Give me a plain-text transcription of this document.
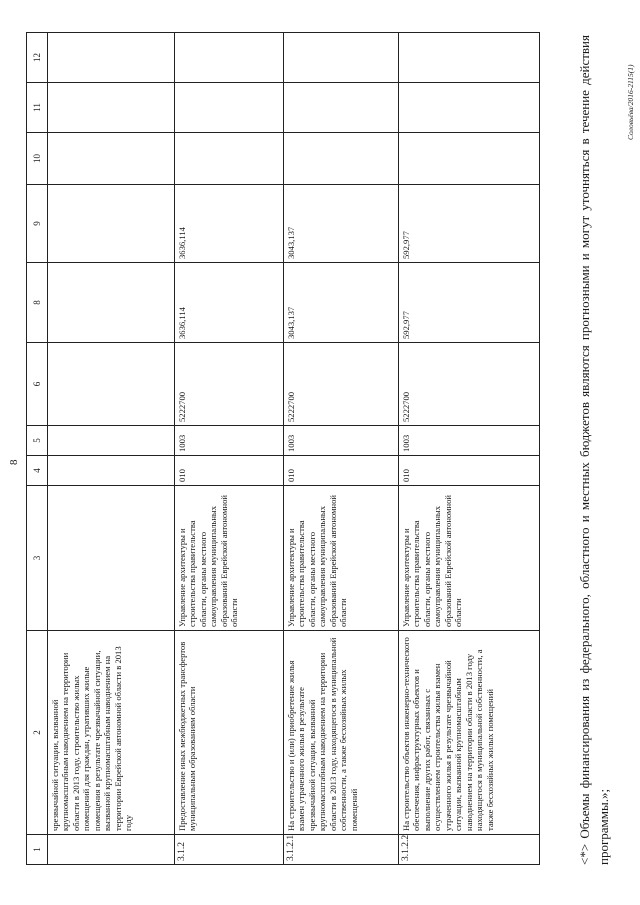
8
1	2	3	4	5	6	8	9	10	11	12
	чрезвычайной ситуации, вызванной крупномасштабным наводнением на территории области в 2013 году, строительство жилых помещений для граждан, утративших жилые помещения в результате чрезвычайной ситуации, вызванной крупномасштабным наводнением на территории Еврейской автономной области в 2013 году									
3.1.2	Предоставление иных межбюджетных трансфертов муниципальным образованиям области	Управление архитектуры и строительства правительства области, органы местного самоуправления муниципальных образований Еврейской автономной области	010	1003	5222700	3636,114	3636,114			
3.1.2.1	На строительство и (или) приобретение жилья взамен утраченного жилья в результате чрезвычайной ситуации, вызванной крупномасштабным наводнением на территории области в 2013 году, находящегося в муниципальной собственности, а также бесхозяйных жилых помещений	Управление архитектуры и строительства правительства области, органы местного самоуправления муниципальных образований Еврейской автономной области	010	1003	5222700	3043,137	3043,137			
3.1.2.2	На строительство объектов инженерно-технического обеспечения, инфраструктурных объектов и выполнение других работ, связанных с осуществлением строительства жилья взамен утраченного жилья в результате чрезвычайной ситуации, вызванной крупномасштабным наводнением на территории области в 2013 году находящегося в муниципальной собственности, а также бесхозяйных жилых помещений	Управление архитектуры и строительства правительства области, органы местного самоуправления муниципальных образований Еврейской автономной области	010	1003	5222700	592,977	592,977				<*> Объемы финансирования из федерального, областного и местных бюджетов являются прогнозными и могут уточняться в течение действия программы.»;
Соловьёва/2016-2115(1)
